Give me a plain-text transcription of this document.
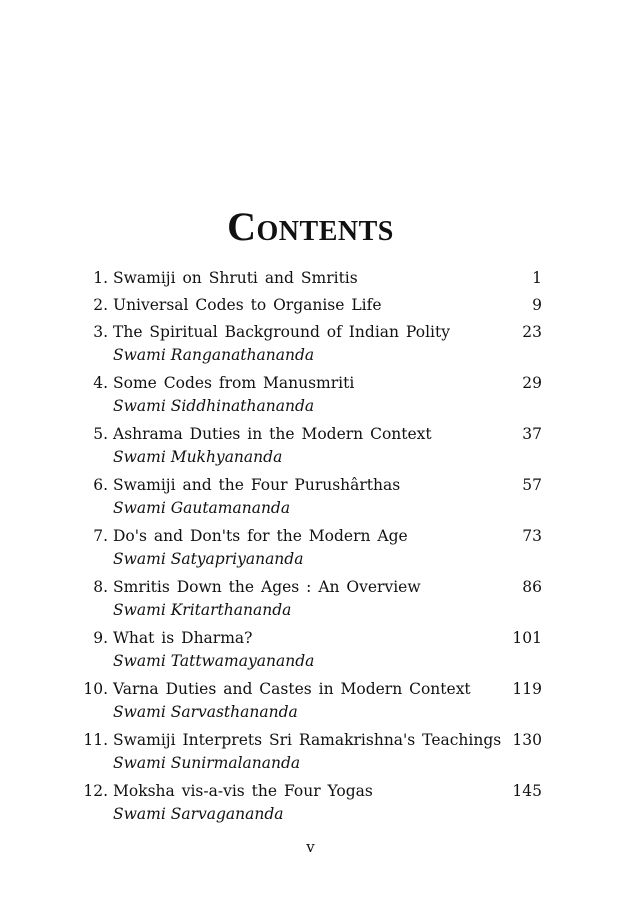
Contents
1. Swamiji on Shruti and Smritis	1
2. Universal Codes to Organise Life	9
3. The Spiritual Background of Indian Polity	23
Swami Ranganathananda
4. Some Codes from Manusmriti	29
Swami Siddhinathananda
5. Ashrama Duties in the Modern Context	37
Swami Mukhyananda
6. Swamiji and the Four Purushârthas	57
Swami Gautamananda
7. Do's and Don'ts for the Modern Age	73
Swami Satyapriyananda
8. Smritis Down the Ages : An Overview	86
Swami Kritarthananda
9. What is Dharma?	101
Swami Tattwamayananda
10. Varna Duties and Castes in Modern Context	119
Swami Sarvasthananda
11. Swamiji Interprets Sri Ramakrishna's Teachings 130
Swami Sunirmalananda
12. Moksha vis-a-vis the Four Yogas	145
Swami Sarvagananda
v
